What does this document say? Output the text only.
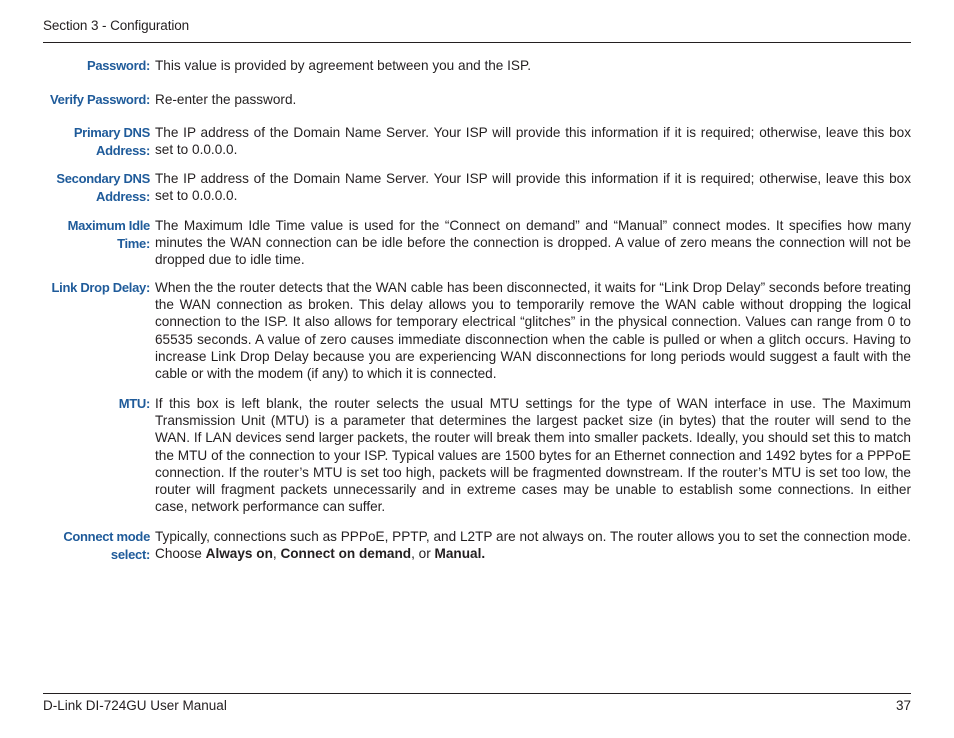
Section 3 - Configuration
Password: This value is provided by agreement between you and the ISP.
Verify Password: Re-enter the password.
Primary DNS
Address:
The IP address of the Domain Name Server. Your ISP will provide this information if it is required; otherwise, leave this box set to 0.0.0.0.
Secondary DNS
Address:
The IP address of the Domain Name Server. Your ISP will provide this information if it is required; otherwise, leave this box set to 0.0.0.0.
Maximum Idle
Time:
The Maximum Idle Time value is used for the “Connect on demand” and “Manual” connect modes. It specifies how many minutes the WAN connection can be idle before the connection is dropped. A value of zero means the connection will not be dropped due to idle time.
Link Drop Delay: When the the router detects that the WAN cable has been disconnected, it waits for “Link Drop Delay” seconds before treating the WAN connection as broken. This delay allows you to temporarily remove the WAN cable without dropping the logical connection to the ISP. It also allows for temporary electrical “glitches” in the physical connection. Values can range from 0 to 65535 seconds. A value of zero causes immediate disconnection when the cable is pulled or when a glitch occurs. Having to increase Link Drop Delay because you are experiencing WAN disconnections for long periods would suggest a fault with the cable or with the modem (if any) to which it is connected.
MTU: If this box is left blank, the router selects the usual MTU settings for the type of WAN interface in use. The Maximum Transmission Unit (MTU) is a parameter that determines the largest packet size (in bytes) that the router will send to the WAN. If LAN devices send larger packets, the router will break them into smaller packets. Ideally, you should set this to match the MTU of the connection to your ISP. Typical values are 1500 bytes for an Ethernet connection and 1492 bytes for a PPPoE connection. If the router’s MTU is set too high, packets will be fragmented downstream. If the router’s MTU is set too low, the router will fragment packets unnecessarily and in extreme cases may be unable to establish some connections. In either case, network performance can suffer.
Connect mode
select:
Typically, connections such as PPPoE, PPTP, and L2TP are not always on. The router allows you to set the connection mode. Choose Always on, Connect on demand, or Manual.
D-Link DI-724GU User Manual	37
